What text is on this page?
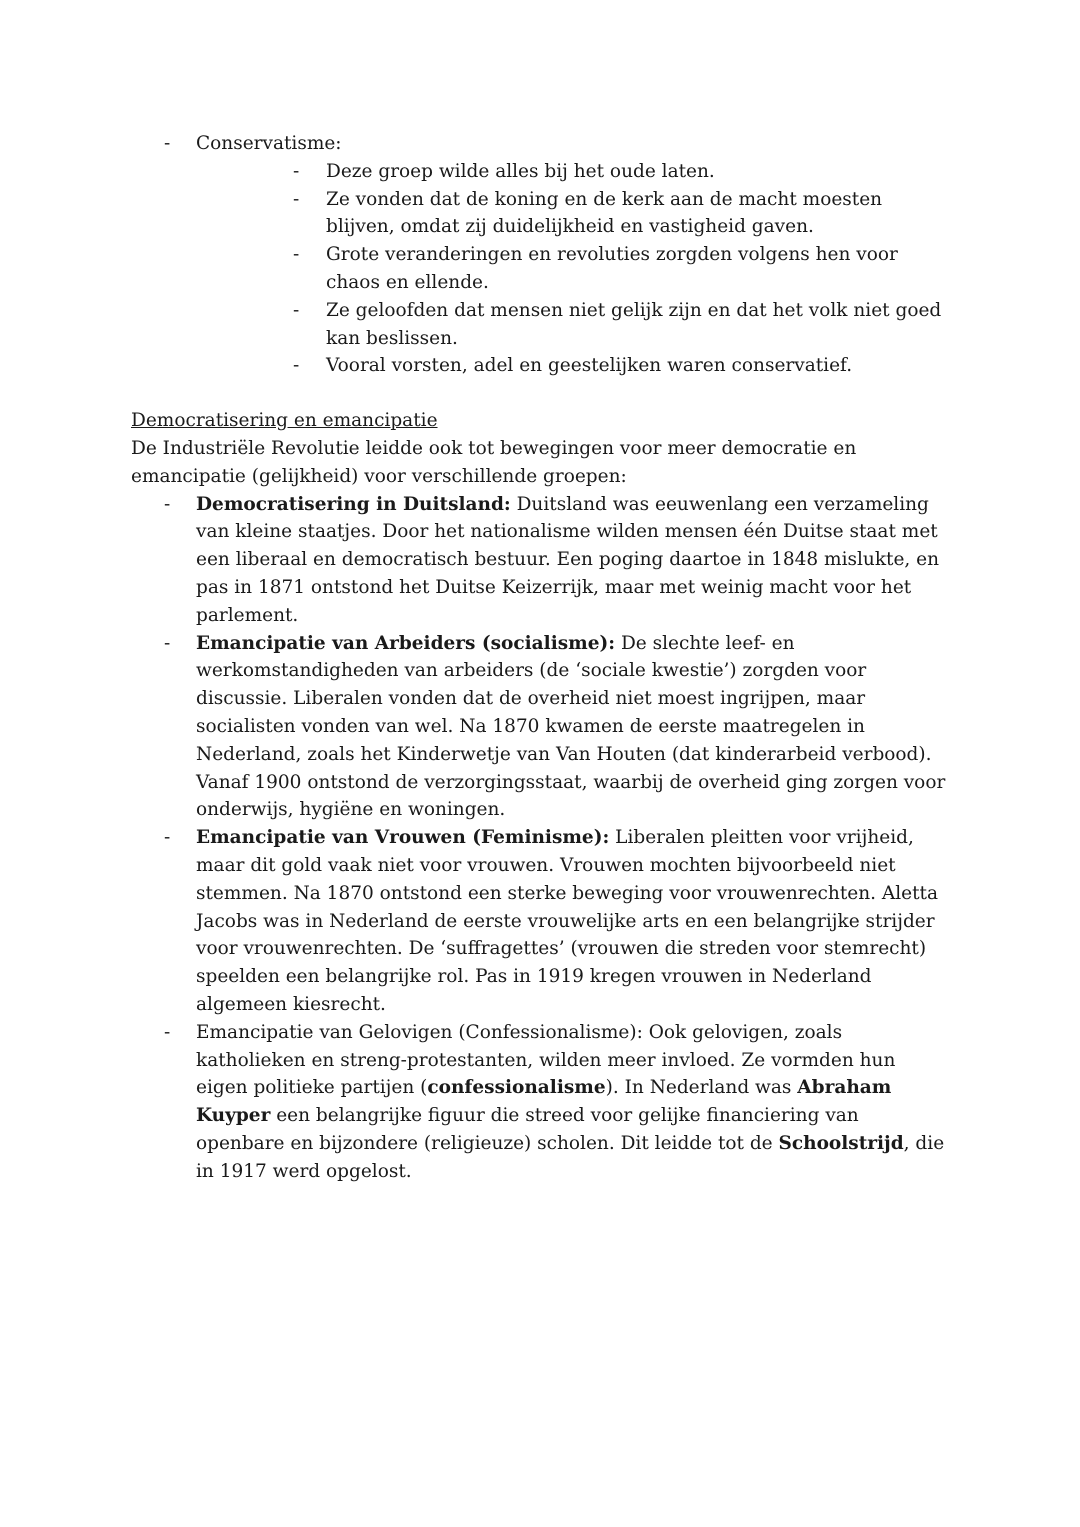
- Conservatisme:
- Deze groep wilde alles bij het oude laten.
- Ze vonden dat de koning en de kerk aan de macht moesten blijven, omdat zij duidelijkheid en vastigheid gaven.
- Grote veranderingen en revoluties zorgden volgens hen voor chaos en ellende.
- Ze geloofden dat mensen niet gelijk zijn en dat het volk niet goed kan beslissen.
- Vooral vorsten, adel en geestelijken waren conservatief.

Democratisering en emancipatie

De Industriële Revolutie leidde ook tot bewegingen voor meer democratie en emancipatie (gelijkheid) voor verschillende groepen:

- Democratisering in Duitsland: Duitsland was eeuwenlang een verzameling van kleine staatjes. Door het nationalisme wilden mensen één Duitse staat met een liberaal en democratisch bestuur. Een poging daartoe in 1848 mislukte, en pas in 1871 ontstond het Duitse Keizerrijk, maar met weinig macht voor het parlement.
- Emancipatie van Arbeiders (socialisme): De slechte leef- en werkomstandigheden van arbeiders (de ‘sociale kwestie’) zorgden voor discussie. Liberalen vonden dat de overheid niet moest ingrijpen, maar socialisten vonden van wel. Na 1870 kwamen de eerste maatregelen in Nederland, zoals het Kinderwetje van Van Houten (dat kinderarbeid verbood). Vanaf 1900 ontstond de verzorgingsstaat, waarbij de overheid ging zorgen voor onderwijs, hygiëne en woningen.
- Emancipatie van Vrouwen (Feminisme): Liberalen pleitten voor vrijheid, maar dit gold vaak niet voor vrouwen. Vrouwen mochten bijvoorbeeld niet stemmen. Na 1870 ontstond een sterke beweging voor vrouwenrechten. Aletta Jacobs was in Nederland de eerste vrouwelijke arts en een belangrijke strijder voor vrouwenrechten. De ‘suffragettes’ (vrouwen die streden voor stemrecht) speelden een belangrijke rol. Pas in 1919 kregen vrouwen in Nederland algemeen kiesrecht.
- Emancipatie van Gelovigen (Confessionalisme): Ook gelovigen, zoals katholieken en streng-protestanten, wilden meer invloed. Ze vormden hun eigen politieke partijen (confessionalisme). In Nederland was Abraham Kuyper een belangrijke figuur die streed voor gelijke financiering van openbare en bijzondere (religieuze) scholen. Dit leidde tot de Schoolstrijd, die in 1917 werd opgelost.
